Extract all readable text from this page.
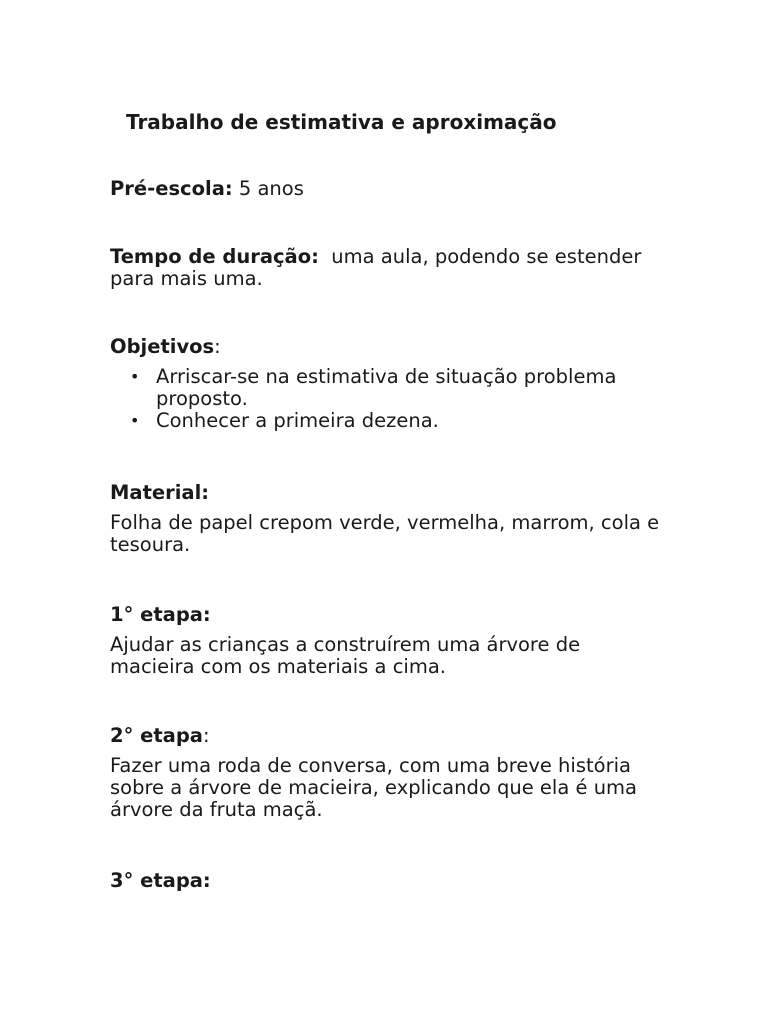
Trabalho de estimativa e aproximação
Pré-escola: 5 anos
Tempo de duração:  uma aula, podendo se estender para mais uma.

Objetivos:

• Arriscar-se na estimativa de situação problema proposto.
• Conhecer a primeira dezena.

Material:

Folha de papel crepom verde, vermelha, marrom, cola e tesoura.

1° etapa:

Ajudar as crianças a construírem uma árvore de macieira com os materiais a cima.

2° etapa:

Fazer uma roda de conversa, com uma breve história sobre a árvore de macieira, explicando que ela é uma árvore da fruta maçã.

3° etapa:
